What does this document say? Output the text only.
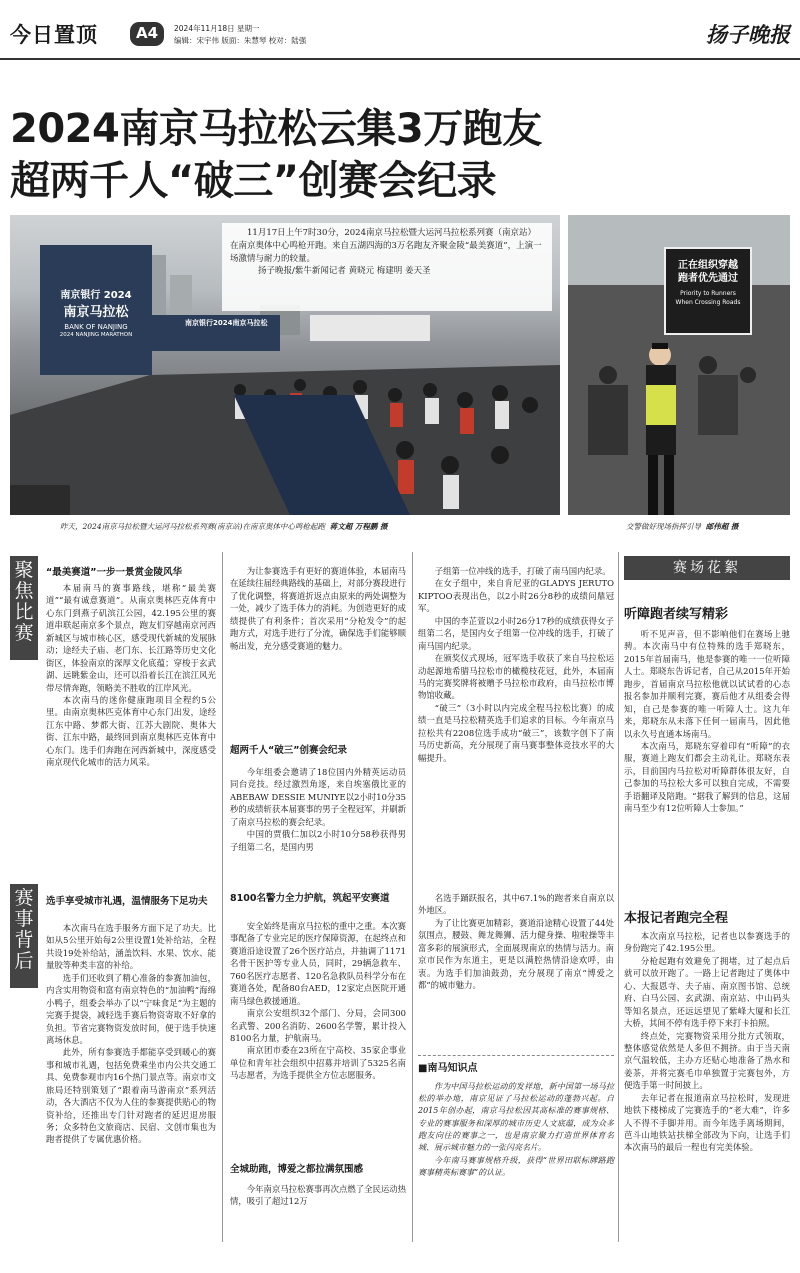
今日置顶	A4	2024年11月18日 星期一
编辑：宋宇伟 版面：朱慧琴 校对：陆强	扬子晚报
2024南京马拉松云集3万跑友
超两千人“破三”创赛会纪录
南京银行 2024
南京马拉松
BANK OF NANJING
2024 NANJING MARATHON
南京银行2024南京马拉松
11月17日上午7时30分，2024南京马拉松暨大运河马拉松系列赛（南京站）在南京奥体中心鸣枪开跑。来自五湖四海的3万名跑友齐聚金陵“最美赛道”，上演一场激情与耐力的较量。
扬子晚报/紫牛新闻记者 黄晓元 梅建明 姜天圣
正在组织穿越
跑者优先通过
Priority to Runners
When Crossing Roads
昨天，2024南京马拉松暨大运河马拉松系列赛(南京站)在南京奥体中心鸣枪起跑 蒋文超 万程鹏 摄	交警做好现场指挥引导 邮伟超 摄
聚焦比赛
赛事背后
赛场花絮
“最美赛道”一步一景赏金陵风华

本届南马的赛事路线，堪称“最美赛道”“最有诚意赛道”。从南京奥林匹克体育中心东门到燕子矶滨江公园，42.195公里的赛道串联起南京多个景点，跑友们穿越南京河西新城区与城市核心区，感受现代新城的发展脉动；途经夫子庙、老门东、长江路等历史文化街区，体验南京的深厚文化底蕴；穿梭于玄武湖、远眺紫金山，还可以沿着长江在滨江风光带尽情奔跑，领略美不胜收的江岸风光。

本次南马的迷你健康跑项目全程约5公里。由南京奥林匹克体育中心东门出发，途经江东中路、梦都大街、江苏大剧院、奥体大街、江东中路，最终回到南京奥林匹克体育中心东门。选手们奔跑在河西新城中，深度感受南京现代化城市的活力风采。

选手享受城市礼遇，温情服务下足功夫

本次南马在选手服务方面下足了功夫。比如从5公里开始每2公里设置1处补给站，全程共设19处补给站，涵盖饮料、水果、饮水、能量胶等种类丰富的补给。

选手们还收到了精心准备的参赛加油包，内含实用物资和富有南京特色的“加油鸭”海绵小鸭子，组委会举办了以“宁味食足”为主题的完赛手提袋，减轻选手赛后物资寄取不好拿的负担。节省完赛物资发放时间，便于选手快速离场休息。

此外，所有参赛选手都能享受到暖心的赛事和城市礼遇，包括免费乘坐市内公共交通工具、免费参观市内16个热门景点等。南京市文旅局还特别策划了“跟着南马游南京”系列活动，各大酒店不仅为人住的参赛提供贴心的物资补给，还推出专门针对跑者的延迟退房服务；众多特色文旅商店、民宿、文创市集也为跑者提供了专属优惠价格。

为让参赛选手有更好的赛道体验，本届南马在延续往届经典路线的基础上，对部分赛段进行了优化调整，将赛道折返点由原来的两处调整为一处，减少了选手体力的消耗。为创造更好的成绩提供了有利条件；首次采用“分枪发令”的起跑方式，对选手进行了分流，确保选手们能够顺畅出发，充分感受赛道的魅力。

超两千人“破三”创赛会纪录

今年组委会邀请了18位国内外精英运动员同台竞技。经过激烈角逐，来自埃塞俄比亚的ABEBAW DESSIE MUNIYE以2小时10分35秒的成绩斩获本届赛事的男子全程冠军，并刷新了南京马拉松的赛会纪录。

中国的贾俄仁加以2小时10分58秒获得男子组第二名，是国内男

8100名警力全力护航，筑起平安赛道

安全始终是南京马拉松的重中之重。本次赛事配备了专业完足的医疗保障资源，在起终点和赛道沿途设置了26个医疗站点，并抽调了1171名骨干医护等专业人员，同时，29辆急救车、760名医疗志愿者、120名急救队员科学分布在赛道各处，配备80台AED，12家定点医院开通南马绿色救援通道。

南京公安组织32个部门、分局，会同300名武警、200名消防、2600名学警，累计投入8100名力量，护航南马。

南京团市委在23所在宁高校、35家企事业单位和青年社会组织中招募并培训了5325名南马志愿者，为选手提供全方位志愿服务。

全城助跑，博爱之都拉满氛围感

今年南京马拉松赛事再次点燃了全民运动热情，吸引了超过12万

子组第一位冲线的选手，打破了南马国内纪录。

在女子组中，来自肯尼亚的GLADYS JERUTO KIPTOO表现出色，以2小时26分8秒的成绩问鼎冠军。

中国的李芷萱以2小时26分17秒的成绩获得女子组第二名，是国内女子组第一位冲线的选手，打破了南马国内纪录。

在颁奖仪式现场，冠军选手收获了来自马拉松运动起源地希腊马拉松市的橄榄枝花冠，此外，本届南马的完赛奖牌将被赠予马拉松市政府，由马拉松市博物馆收藏。

“破三”（3小时以内完成全程马拉松比赛）的成绩一直是马拉松精英选手们追求的目标。今年南京马拉松共有2208位选手成功“破三”，该数字创下了南马历史新高，充分展现了南马赛事整体竞技水平的大幅提升。

名选手踊跃报名，其中67.1%的跑者来自南京以外地区。

为了让比赛更加精彩，赛道沿途精心设置了44处氛围点，腰鼓、舞龙舞狮、活力健身操、啦啦操等丰富多彩的展演形式，全面展现南京的热情与活力。南京市民作为东道主，更是以满腔热情沿途欢呼，由衷。为选手们加油鼓劲，充分展现了南京“博爱之都”的城市魅力。

■南马知识点

作为中国马拉松运动的发祥地，新中国第一场马拉松的举办地，南京见证了马拉松运动的蓬勃兴起。自2015年创办起，南京马拉松因其高标准的赛事规格、专业的赛事服务和深厚的城市历史人文底蕴，成为众多跑友向往的赛事之一，也是南京聚力打造世界体育名城、展示城市魅力的一张闪亮名片。

今年南马赛事规格升级，获得“世界田联标牌路跑赛事精英标赛事”的认证。

听障跑者续写精彩

听不见声音，但不影响他们在赛场上驰骋。本次南马中有位特殊的选手郑晓东，2015年首届南马，他是参赛的唯一一位听障人士。郑晓东告诉记者，自己从2015年开始跑步，首届南京马拉松他就以试试看的心态报名参加并顺利完赛，赛后他才从组委会得知，自己是参赛的唯一听障人士。这九年来，郑晓东从未落下任何一届南马，因此他以永久号直通本场南马。

本次南马，郑晓东穿着印有“听障”的衣服，赛道上跑友们都会主动礼让。郑晓东表示，目前国内马拉松对听障群体很友好，自己参加的马拉松大多可以独自完成，不需要手语翻译及陪跑。“据我了解到的信息，这届南马至少有12位听障人士参加。”

本报记者跑完全程

本次南京马拉松，记者也以参赛选手的身份跑完了42.195公里。

分枪起跑有效避免了拥堵，过了起点后就可以放开跑了。一路上记者跑过了奥体中心、大报恩寺、夫子庙、南京图书馆、总统府、白马公园、玄武湖、南京站、中山码头等知名景点，还远远望见了紫峰大厦和长江大桥，其间不停有选手停下来打卡拍照。

终点处，完赛物资采用分批方式领取，整体感觉依然是人多但不拥挤。由于当天南京气温较低，主办方还贴心地准备了热水和姜茶，并将完赛毛巾单独置于完赛包外，方便选手第一时间披上。

去年记者在报道南京马拉松时，发现进地铁下楼梯成了完赛选手的“老大难”，许多人不得不手脚并用。而今年选手离场期间，芭斗山地铁站扶梯全部改为下向，让选手们本次南马的最后一程也有完美体验。
